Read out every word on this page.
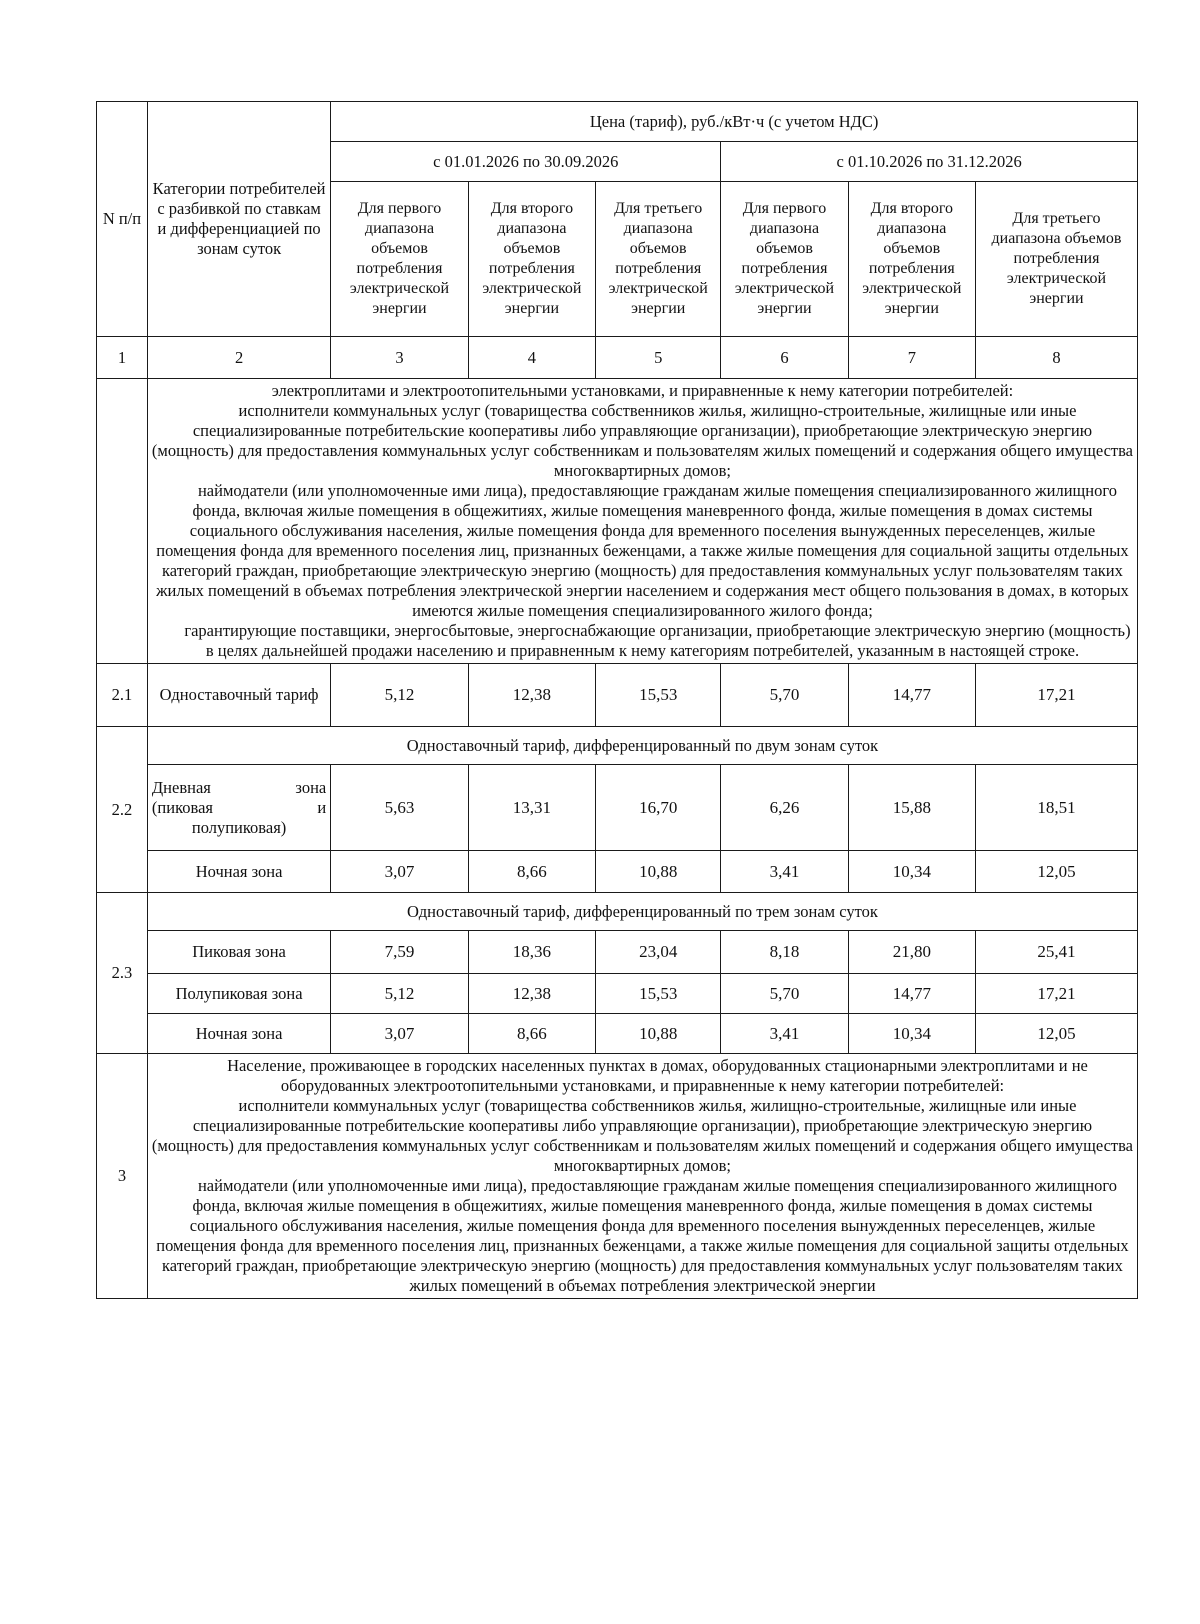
N п/п	Категории потребителей с разбивкой по ставкам и дифференциацией по зонам суток	Цена (тариф), руб./кВт·ч (с учетом НДС)					
		с 01.01.2026 по 30.09.2026			с 01.10.2026 по 31.12.2026		
		Для первого диапазона объемов потребления электрической энергии	Для второго диапазона объемов потребления электрической энергии	Для третьего диапазона объемов потребления электрической энергии	Для первого диапазона объемов потребления электрической энергии	Для второго диапазона объемов потребления электрической энергии	Для третьего диапазона объемов потребления электрической энергии
1	2	3	4	5	6	7	8

	электроплитами и электроотопительными установками, и приравненные к нему категории потребителей:

исполнители коммунальных услуг (товарищества собственников жилья, жилищно-строительные, жилищные или иные специализированные потребительские кооперативы либо управляющие организации), приобретающие электрическую энергию (мощность) для предоставления коммунальных услуг собственникам и пользователям жилых помещений и содержания общего имущества многоквартирных домов;

наймодатели (или уполномоченные ими лица), предоставляющие гражданам жилые помещения специализированного жилищного фонда, включая жилые помещения в общежитиях, жилые помещения маневренного фонда, жилые помещения в домах системы социального обслуживания населения, жилые помещения фонда для временного поселения вынужденных переселенцев, жилые помещения фонда для временного поселения лиц, признанных беженцами, а также жилые помещения для социальной защиты отдельных категорий граждан, приобретающие электрическую энергию (мощность) для предоставления коммунальных услуг пользователям таких жилых помещений в объемах потребления электрической энергии населением и содержания мест общего пользования в домах, в которых имеются жилые помещения специализированного жилого фонда;

гарантирующие поставщики, энергосбытовые, энергоснабжающие организации, приобретающие электрическую энергию (мощность) в целях дальнейшей продажи населению и приравненным к нему категориям потребителей, указанным в настоящей строке.						

2.1	Одноставочный тариф	5,12	12,38	15,53	5,70	14,77	17,21
2.2	Одноставочный тариф, дифференцированный по двум зонам суток						

	Дневная зона
(пиковая и
полупиковая)	5,63	13,31	16,70	6,26	15,88	18,51
	Ночная зона	3,07	8,66	10,88	3,41	10,34	12,05
2.3	Одноставочный тариф, дифференцированный по трем зонам суток						
	Пиковая зона	7,59	18,36	23,04	8,18	21,80	25,41
	Полупиковая зона	5,12	12,38	15,53	5,70	14,77	17,21
	Ночная зона	3,07	8,66	10,88	3,41	10,34	12,05
3	Население, проживающее в городских населенных пунктах в домах, оборудованных стационарными электроплитами и не оборудованных электроотопительными установками, и приравненные к нему категории потребителей:

исполнители коммунальных услуг (товарищества собственников жилья, жилищно-строительные, жилищные или иные специализированные потребительские кооперативы либо управляющие организации), приобретающие электрическую энергию (мощность) для предоставления коммунальных услуг собственникам и пользователям жилых помещений и содержания общего имущества многоквартирных домов;

наймодатели (или уполномоченные ими лица), предоставляющие гражданам жилые помещения специализированного жилищного фонда, включая жилые помещения в общежитиях, жилые помещения маневренного фонда, жилые помещения в домах системы социального обслуживания населения, жилые помещения фонда для временного поселения вынужденных переселенцев, жилые помещения фонда для временного поселения лиц, признанных беженцами, а также жилые помещения для социальной защиты отдельных категорий граждан, приобретающие электрическую энергию (мощность) для предоставления коммунальных услуг пользователям таких жилых помещений в объемах потребления электрической энергии						
